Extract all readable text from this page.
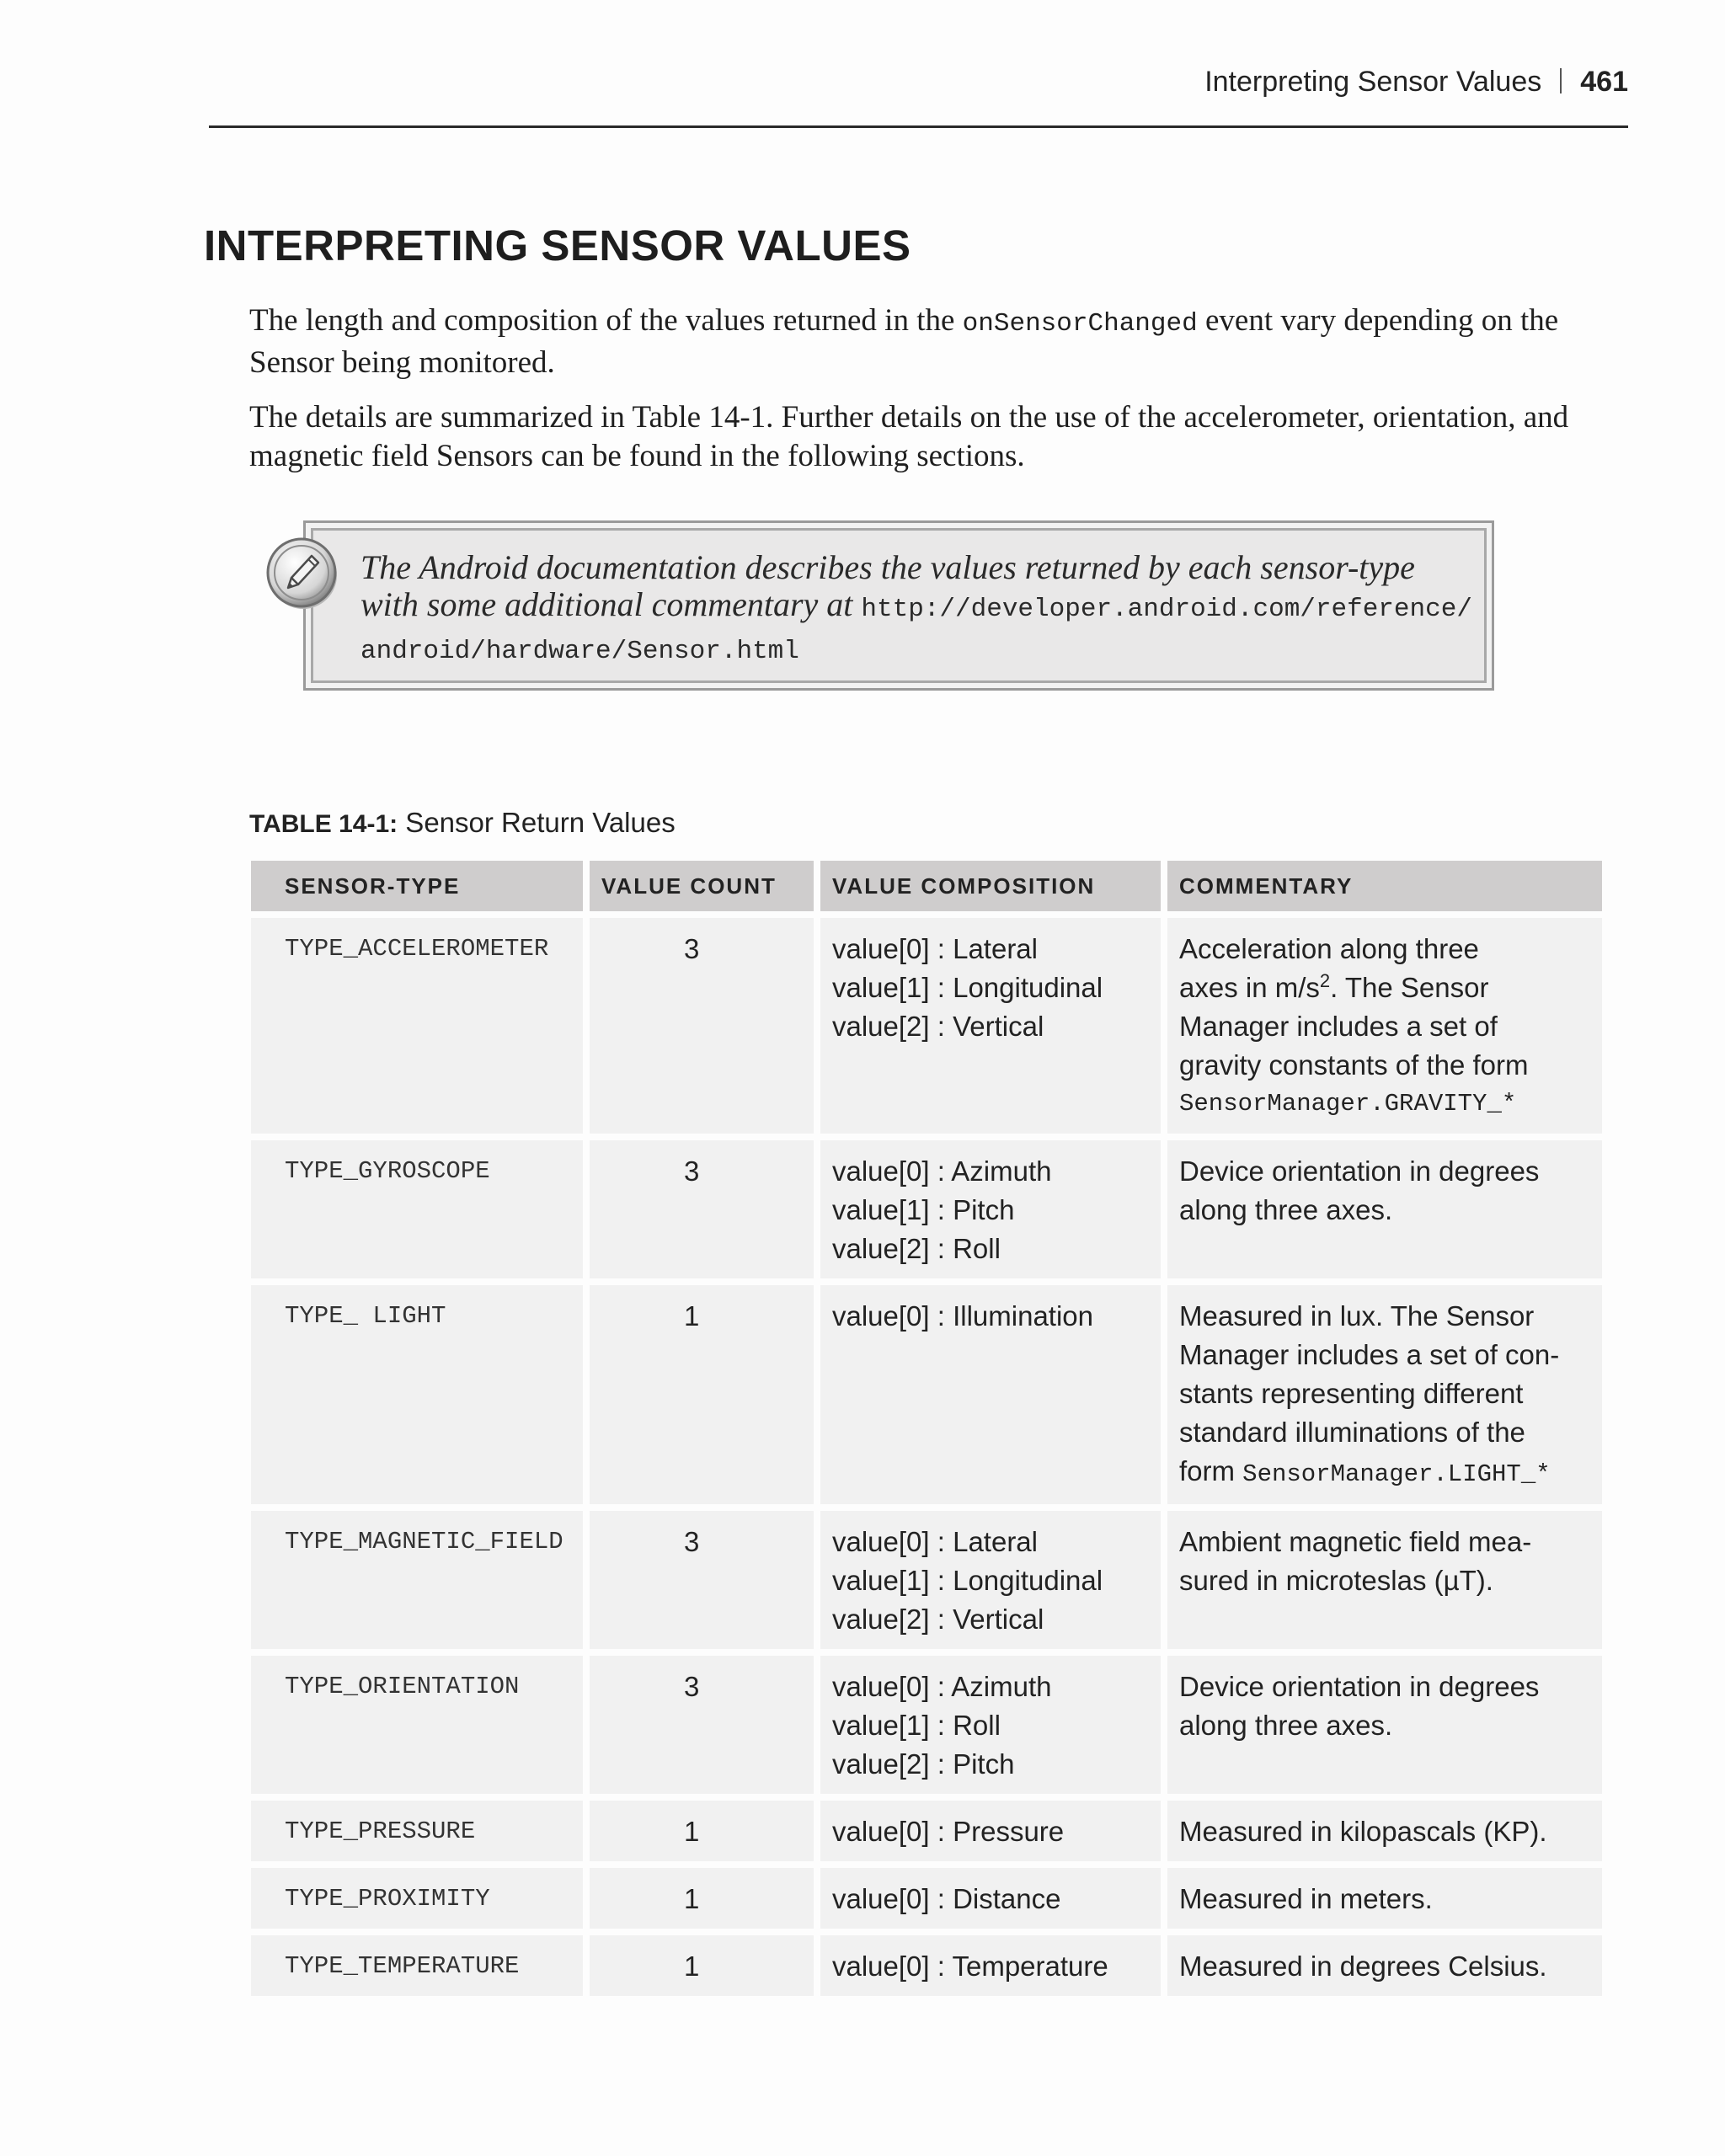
Interpreting Sensor Values 461
INTERPRETING SENSOR VALUES

The length and composition of the values returned in the onSensorChanged event vary depending on the Sensor being monitored.

The details are summarized in Table 14-1. Further details on the use of the accelerometer, orientation, and magnetic field Sensors can be found in the following sections.

The Android documentation describes the values returned by each sensor-type with some additional commentary at http://developer.android.com/reference/
android/hardware/Sensor.html

TABLE 14-1: Sensor Return Values
SENSOR-TYPE	VALUE COUNT	VALUE COMPOSITION	COMMENTARY
TYPE_ACCELEROMETER	3	value[0] : Lateral
value[1] : Longitudinal
value[2] : Vertical	Acceleration along three
axes in $m/s^2$. The Sensor
Manager includes a set of
gravity constants of the form
SensorManager.GRAVITY_*

TYPE_GYROSCOPE	3	value[0] : Azimuth
value[1] : Pitch
value[2] : Roll	Device orientation in degrees
along three axes.

TYPE_ LIGHT	1	value[0] : Illumination	Measured in lux. The Sensor
Manager includes a set of con-
stants representing different
standard illuminations of the
form SensorManager.LIGHT_*

TYPE_MAGNETIC_FIELD	3	value[0] : Lateral
value[1] : Longitudinal
value[2] : Vertical	Ambient magnetic field mea-
sured in microteslas (µT).

TYPE_ORIENTATION	3	value[0] : Azimuth
value[1] : Roll
value[2] : Pitch	Device orientation in degrees
along three axes.

TYPE_PRESSURE	1	value[0] : Pressure	Measured in kilopascals (KP).

TYPE_PROXIMITY	1	value[0] : Distance	Measured in meters.

TYPE_TEMPERATURE	1	value[0] : Temperature	Measured in degrees Celsius.
